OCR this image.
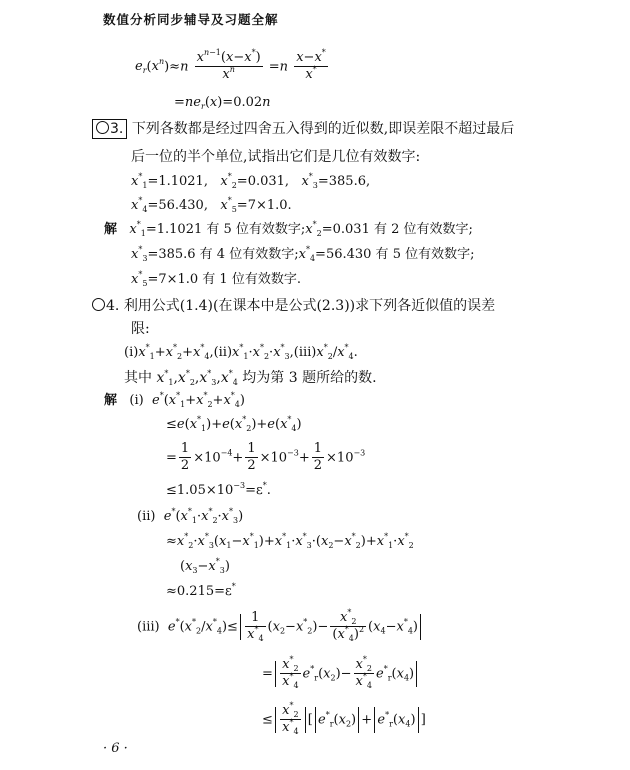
数值分析同步辅导及习题全解
$e_r(x^n)\approx n \frac{x^{n-1}(x-x^*)}{x^n} =n \frac{x-x^*}{x^*}$
$=ne_r(x)=0.02n$
3. 下列各数都是经过四舍五入得到的近似数,即误差限不超过最后
后一位的半个单位,试指出它们是几位有效数字:
$x^*_1=1.1021$,   $x^*_2=0.031$,   $x^*_3=385.6$,
$x^*_4=56.430$,   $x^*_5=7\times 1.0$.
解 $x^*_1=1.1021$ 有 5 位有效数字$;x^*_2=0.031$ 有 2 位有效数字;
$x^*_3=385.6$ 有 4 位有效数字$;x^*_4=56.430$ 有 5 位有效数字;
$x^*_5=7\times 1.0$ 有 1 位有效数字.
4. 利用公式(1.4)(在课本中是公式(2.3))求下列各近似值的误差
限:
$(ⅰ)x^*_1+x^*_2+x^*_4,(ⅱ)x^*_1\cdot x^*_2\cdot x^*_3,(ⅲ)x^*_2/x^*_4$.
其中 $x^*_1,x^*_2,x^*_3,x^*_4$ 均为第 3 题所给的数.
解   (ⅰ)  $e^*(x^*_1+x^*_2+x^*_4)$
$\le e(x^*_1)+e(x^*_2)+e(x^*_4)$
= $\frac{1}{2} \times 10^{-4}+ \frac{1}{2} \times 10^{-3}+ \frac{1}{2} \times 10^{-3}$
$\le 1.05\times 10^{-3}=\varepsilon^*$.
(ⅱ)  $e^*(x^*_1\cdot x^*_2\cdot x^*_3)$
$\approx x^*_2\cdot x^*_3(x_1-x^*_1)+x^*_1\cdot x^*_3\cdot(x_2-x^*_2)+x^*_1\cdot x^*_2$
$(x_3-x^*_3)$
≈0.215=ε*
(ⅲ)  $e^*(x^*_2/x^*_4)\le \frac{1}{x^*_4} (x_2-x^*_2)- \frac{x^*_2}{(x^*_4)^2} (x_4-x^*_4)$
= $\frac{x^*_2}{x^*_4} e^*_r(x_2)- \frac{x^*_2}{x^*_4} e^*_r(x_4)$
≤ $\frac{x^*_2}{x^*_4}$ [ $e^*_r(x_2) + e^*_r(x_4)$ ]
· 6 ·
